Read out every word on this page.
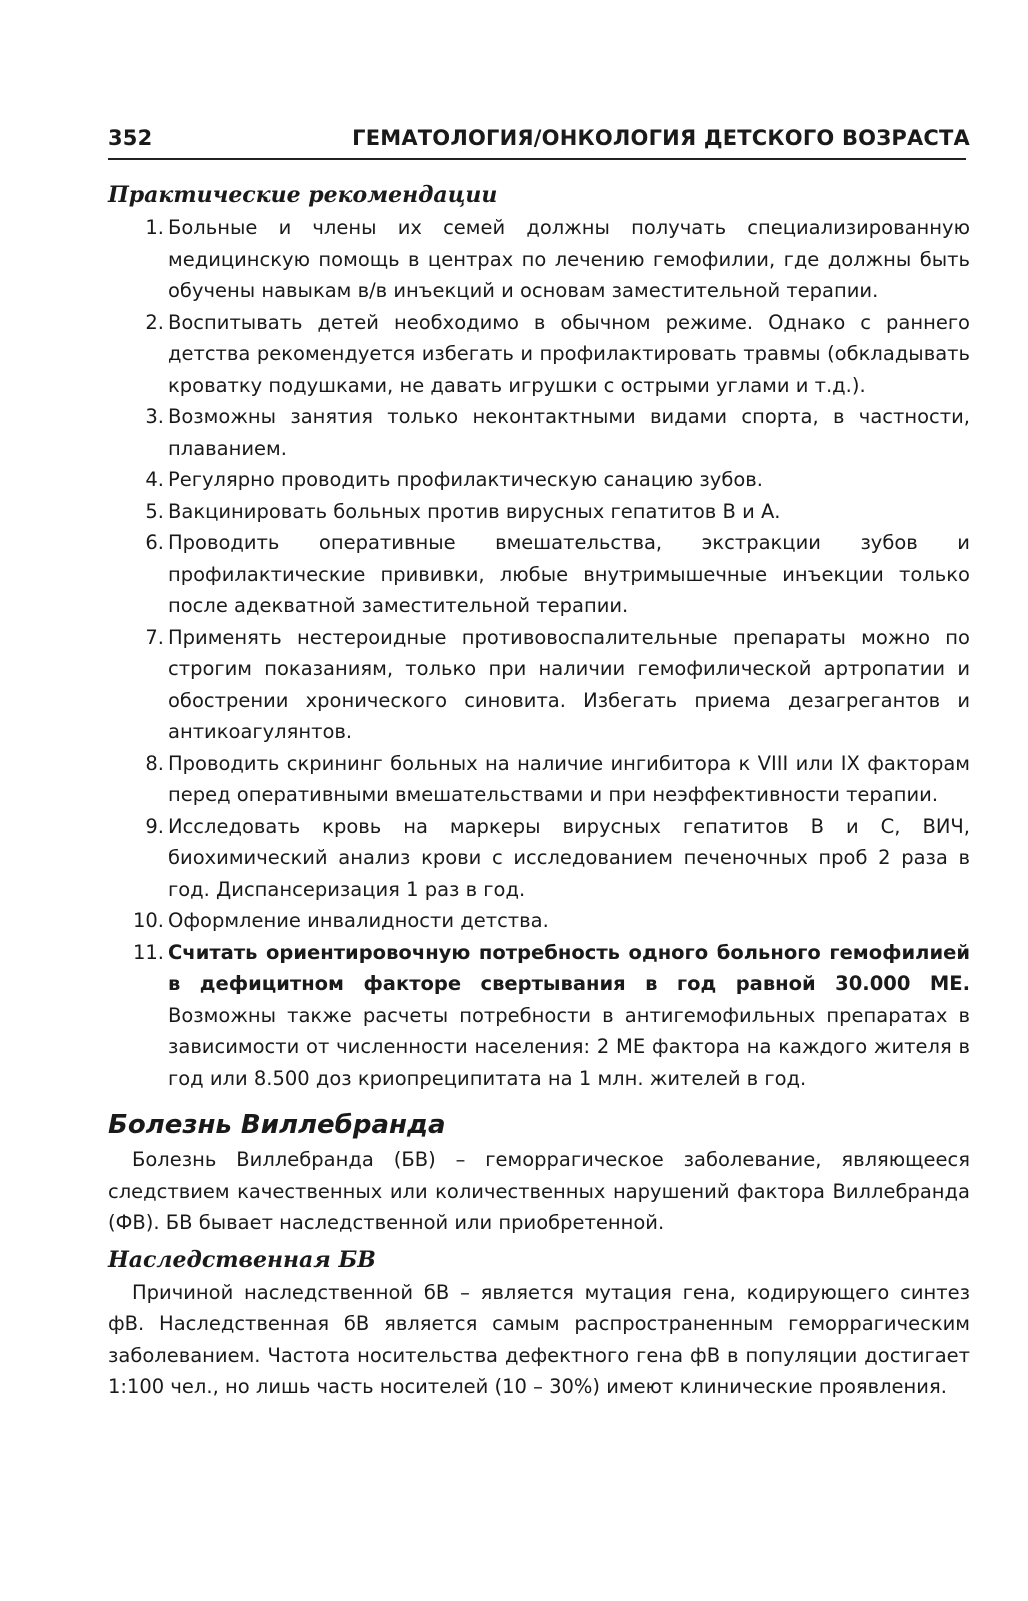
352	ГЕМАТОЛОГИЯ/ОНКОЛОГИЯ ДЕТСКОГО ВОЗРАСТА
Практические рекомендации
1. Больные и члены их семей должны получать специализированную медицинскую помощь в центрах по лечению гемофилии, где должны быть обучены навыкам в/в инъекций и основам заместительной терапии.
2. Воспитывать детей необходимо в обычном режиме. Однако с раннего детства рекомендуется избегать и профилактировать травмы (обкладывать кроватку подушками, не давать игрушки с острыми углами и т.д.).
3. Возможны занятия только неконтактными видами спорта, в частности, плаванием.
4. Регулярно проводить профилактическую санацию зубов.
5. Вакцинировать больных против вирусных гепатитов В и А.
6. Проводить оперативные вмешательства, экстракции зубов и профилактические прививки, любые внутримышечные инъекции только после адекватной заместительной терапии.
7. Применять нестероидные противовоспалительные препараты можно по строгим показаниям, только при наличии гемофилической артропатии и обострении хронического синовита. Избегать приема дезагрегантов и антикоагулянтов.
8. Проводить скрининг больных на наличие ингибитора к VIII или IX факторам перед оперативными вмешательствами и при неэффективности терапии.
9. Исследовать кровь на маркеры вирусных гепатитов В и С, ВИЧ, биохимический анализ крови с исследованием печеночных проб 2 раза в год. Диспансеризация 1 раз в год.
10. Оформление инвалидности детства.
11. Считать ориентировочную потребность одного больного гемофилией в дефицитном факторе свертывания в год равной 30.000 МЕ. Возможны также расчеты потребности в антигемофильных препаратах в зависимости от численности населения: 2 МЕ фактора на каждого жителя в год или 8.500 доз криопреципитата на 1 млн. жителей в год.
Болезнь Виллебранда

Болезнь Виллебранда (БВ) – геморрагическое заболевание, являющееся следствием качественных или количественных нарушений фактора Виллебранда (ФВ). БВ бывает наследственной или приобретенной.

Наследственная БВ

Причиной наследственной бВ – является мутация гена, кодирующего синтез фВ. Наследственная бВ является самым распространенным геморрагическим заболеванием. Частота носительства дефектного гена фВ в популяции достигает 1:100 чел., но лишь часть носителей (10 – 30%) имеют клинические проявления.
